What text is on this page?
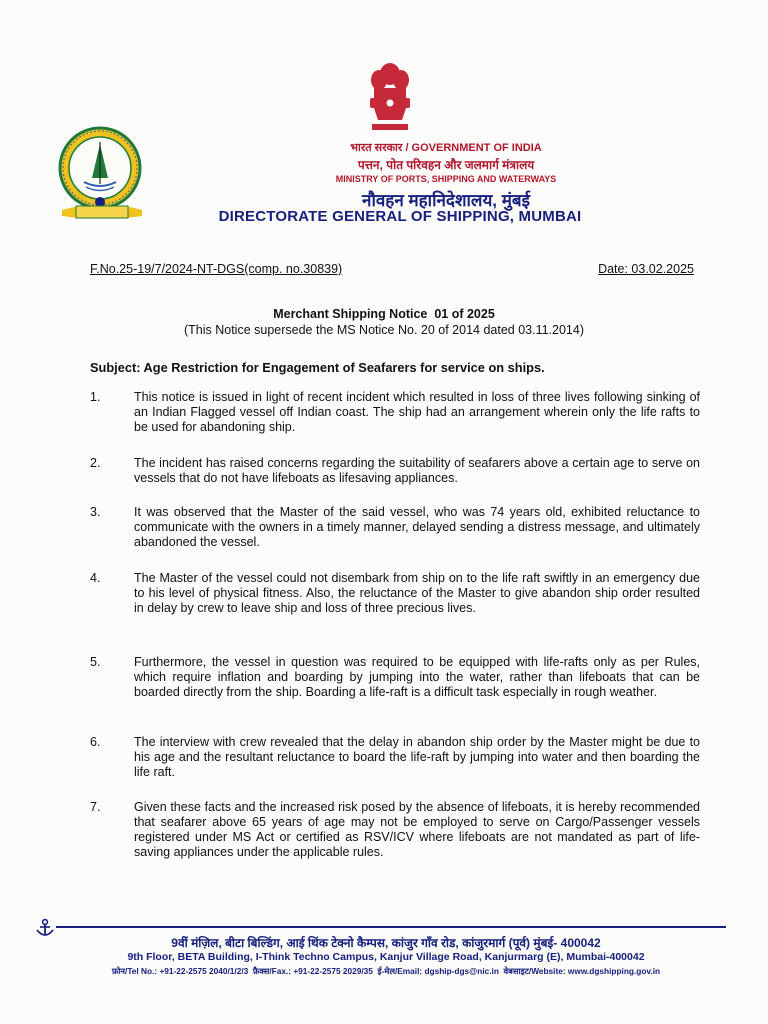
भारत सरकार / GOVERNMENT OF INDIA
पत्तन, पोत परिवहन और जलमार्ग मंत्रालय
MINISTRY OF PORTS, SHIPPING AND WATERWAYS
नौवहन महानिदेशालय, मुंबई
DIRECTORATE GENERAL OF SHIPPING, MUMBAI
F.No.25-19/7/2024-NT-DGS(comp. no.30839)	Date: 03.02.2025
Merchant Shipping Notice  01 of 2025
(This Notice supersede the MS Notice No. 20 of 2014 dated 03.11.2014)
Subject: Age Restriction for Engagement of Seafarers for service on ships.
1.	This notice is issued in light of recent incident which resulted in loss of three lives following sinking of an Indian Flagged vessel off Indian coast. The ship had an arrangement wherein only the life rafts to be used for abandoning ship.
2.	The incident has raised concerns regarding the suitability of seafarers above a certain age to serve on vessels that do not have lifeboats as lifesaving appliances.
3.	It was observed that the Master of the said vessel, who was 74 years old, exhibited reluctance to communicate with the owners in a timely manner, delayed sending a distress message, and ultimately abandoned the vessel.
4.	The Master of the vessel could not disembark from ship on to the life raft swiftly in an emergency due to his level of physical fitness. Also, the reluctance of the Master to give abandon ship order resulted in delay by crew to leave ship and loss of three precious lives.
5.	Furthermore, the vessel in question was required to be equipped with life-rafts only as per Rules, which require inflation and boarding by jumping into the water, rather than lifeboats that can be boarded directly from the ship. Boarding a life-raft is a difficult task especially in rough weather.
6.	The interview with crew revealed that the delay in abandon ship order by the Master might be due to his age and the resultant reluctance to board the life-raft by jumping into water and then boarding the life raft.
7.	Given these facts and the increased risk posed by the absence of lifeboats, it is hereby recommended that seafarer above 65 years of age may not be employed to serve on Cargo/Passenger vessels registered under MS Act or certified as RSV/ICV where lifeboats are not mandated as part of life-saving appliances under the applicable rules.
9वीं मंज़िल, बीटा बिल्डिंग, आई थिंक टेक्नो कैम्पस, कांजुर गाँव रोड, कांजुरमार्ग (पूर्व) मुंबई- 400042
9th Floor, BETA Building, I-Think Techno Campus, Kanjur Village Road, Kanjurmarg (E), Mumbai-400042
फ़ोन/Tel No.: +91-22-2575 2040/1/2/3  फ़ैक्स/Fax.: +91-22-2575 2029/35  ई-मेल/Email: dgship-dgs@nic.in  वेबसाइट/Website: www.dgshipping.gov.in
